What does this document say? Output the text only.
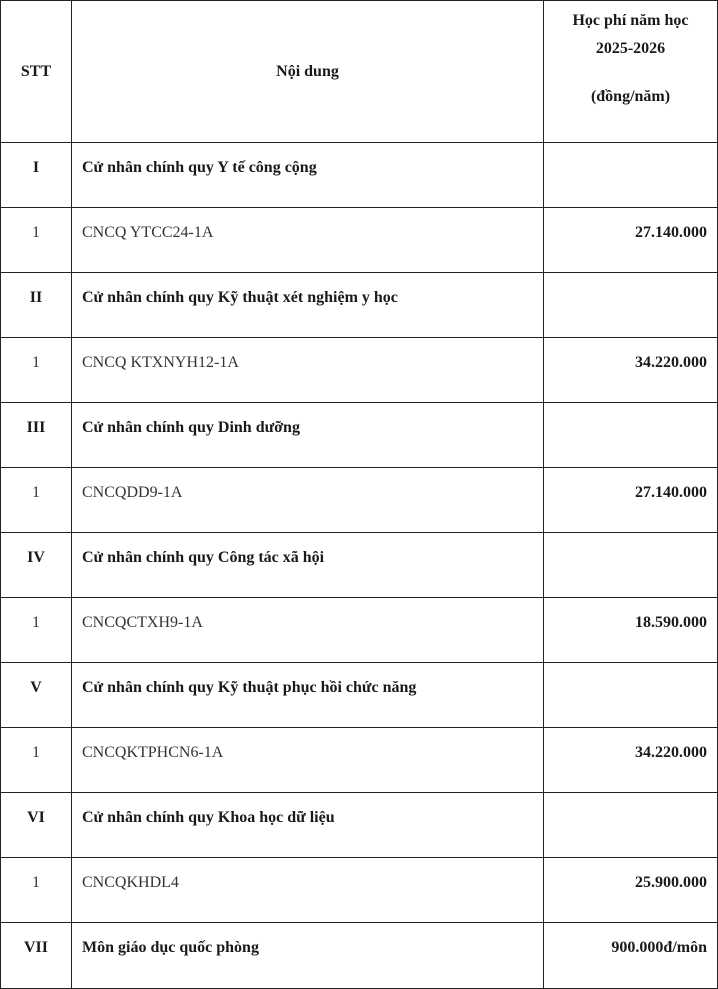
STT	Nội dung	Học phí năm học
2025-2026
(đồng/năm)

I	Cử nhân chính quy Y tế công cộng	
1	CNCQ YTCC24-1A	27.140.000
II	Cử nhân chính quy Kỹ thuật xét nghiệm y học	
1	CNCQ KTXNYH12-1A	34.220.000
III	Cử nhân chính quy Dinh dưỡng	
1	CNCQDD9-1A	27.140.000
IV	Cử nhân chính quy Công tác xã hội	
1	CNCQCTXH9-1A	18.590.000
V	Cử nhân chính quy Kỹ thuật phục hồi chức năng	
1	CNCQKTPHCN6-1A	34.220.000
VI	Cử nhân chính quy Khoa học dữ liệu	
1	CNCQKHDL4	25.900.000
VII	Môn giáo dục quốc phòng	900.000đ/môn
